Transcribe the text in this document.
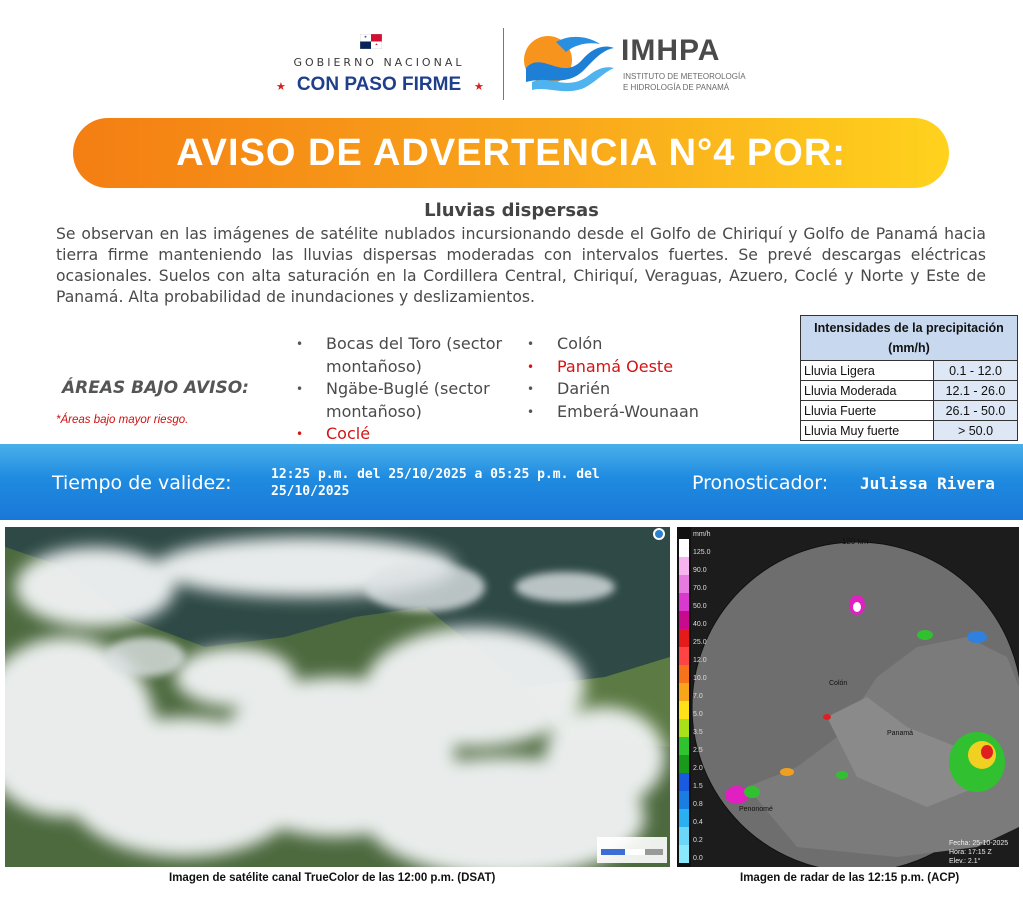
GOBIERNO NACIONAL
★ CON PASO FIRME	★
IMHPA
INSTITUTO DE METEOROLOGÍA
E HIDROLOGÍA DE PANAMÁ
AVISO DE ADVERTENCIA N°4 POR:
Lluvias dispersas
Se observan en las imágenes de satélite nublados incursionando desde el Golfo de Chiriquí y Golfo de Panamá hacia tierra firme manteniendo las lluvias dispersas moderadas con intervalos fuertes. Se prevé descargas eléctricas ocasionales. Suelos con alta saturación en la Cordillera Central, Chiriquí, Veraguas, Azuero, Coclé y Norte y Este de Panamá. Alta probabilidad de inundaciones y deslizamientos.
ÁREAS BAJO AVISO:
*Áreas bajo mayor riesgo.
• Bocas del Toro (sector montañoso)
• Ngäbe-Buglé (sector montañoso)
• Coclé
• Colón
• Panamá Oeste
• Darién
• Emberá-Wounaan
Intensidades de la precipitación (mm/h)	
Lluvia Ligera	0.1 - 12.0
Lluvia Moderada	12.1 - 26.0
Lluvia Fuerte	26.1 - 50.0
Lluvia Muy fuerte	> 50.0
Tiempo de validez:	12:25 p.m. del 25/10/2025 a 05:25 p.m. del 25/10/2025	Pronosticador: Julissa Rivera
mm/h
125.0
90.0
70.0
50.0
40.0
25.0
12.0
10.0
7.0
5.0
3.5
2.5
2.0
1.5
0.8
0.4
0.2
0.0
120 km
Colón
Panamá
Penonomé
Fecha: 25-10-2025
Hora: 17:15 Z
Elev.: 2.1°
Imagen de satélite canal TrueColor de las 12:00 p.m. (DSAT)	Imagen de radar de las 12:15 p.m. (ACP)
